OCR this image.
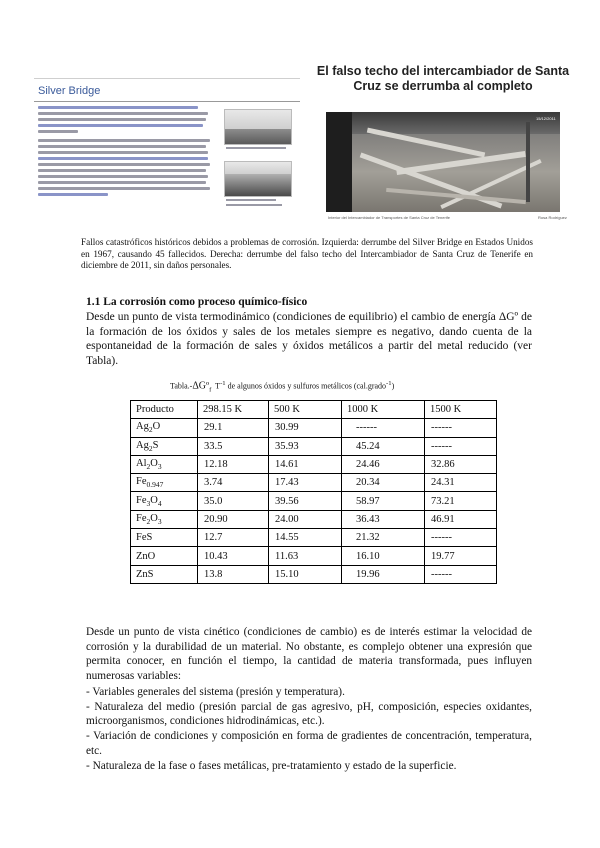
Silver Bridge
El falso techo del intercambiador de Santa Cruz se derrumba al completo
15/12/2011
Interior del Intercambiador de Transportes de Santa Cruz de Tenerife	Rosa Rodríguez
Fallos catastróficos históricos debidos a problemas de corrosión. Izquierda: derrumbe del Silver Bridge en Estados Unidos en 1967, causando 45 fallecidos. Derecha: derrumbe del falso techo del Intercambiador de Santa Cruz de Tenerife en diciembre de 2011, sin daños personales.
1.1 La corrosión como proceso químico-físico
Desde un punto de vista termodinámico (condiciones de equilibrio) el cambio de energía ΔGº de la formación de los óxidos y sales de los metales siempre es negativo, dando cuenta de la espontaneidad de la formación de sales y óxidos metálicos a partir del metal reducido (ver Tabla).
Tabla.-ΔGº$_f$ $T^{-1}$ de algunos óxidos y sulfuros metálicos (cal.grado$^{-1}$)
Producto	298.15 K	500 K	1000 K	1500 K
$Ag_2O$	29.1	30.99	------	------
$Ag_2S$	33.5	35.93	45.24	------
$Al_2O_3$	12.18	14.61	24.46	32.86
$Fe_{0.947}$	3.74	17.43	20.34	24.31
$Fe_3O_4$	35.0	39.56	58.97	73.21
$Fe_2O_3$	20.90	24.00	36.43	46.91
FeS	12.7	14.55	21.32	------
ZnO	10.43	11.63	16.10	19.77
ZnS	13.8	15.10	19.96	------
Desde un punto de vista cinético (condiciones de cambio) es de interés estimar la velocidad de corrosión y la durabilidad de un material. No obstante, es complejo obtener una expresión que permita conocer, en función el tiempo, la cantidad de materia transformada, pues influyen numerosas variables:
- Variables generales del sistema (presión y temperatura).
- Naturaleza del medio (presión parcial de gas agresivo, pH, composición, especies oxidantes, microorganismos, condiciones hidrodinámicas, etc.).
- Variación de condiciones y composición en forma de gradientes de concentración, temperatura, etc.
- Naturaleza de la fase o fases metálicas, pre-tratamiento y estado de la superficie.
